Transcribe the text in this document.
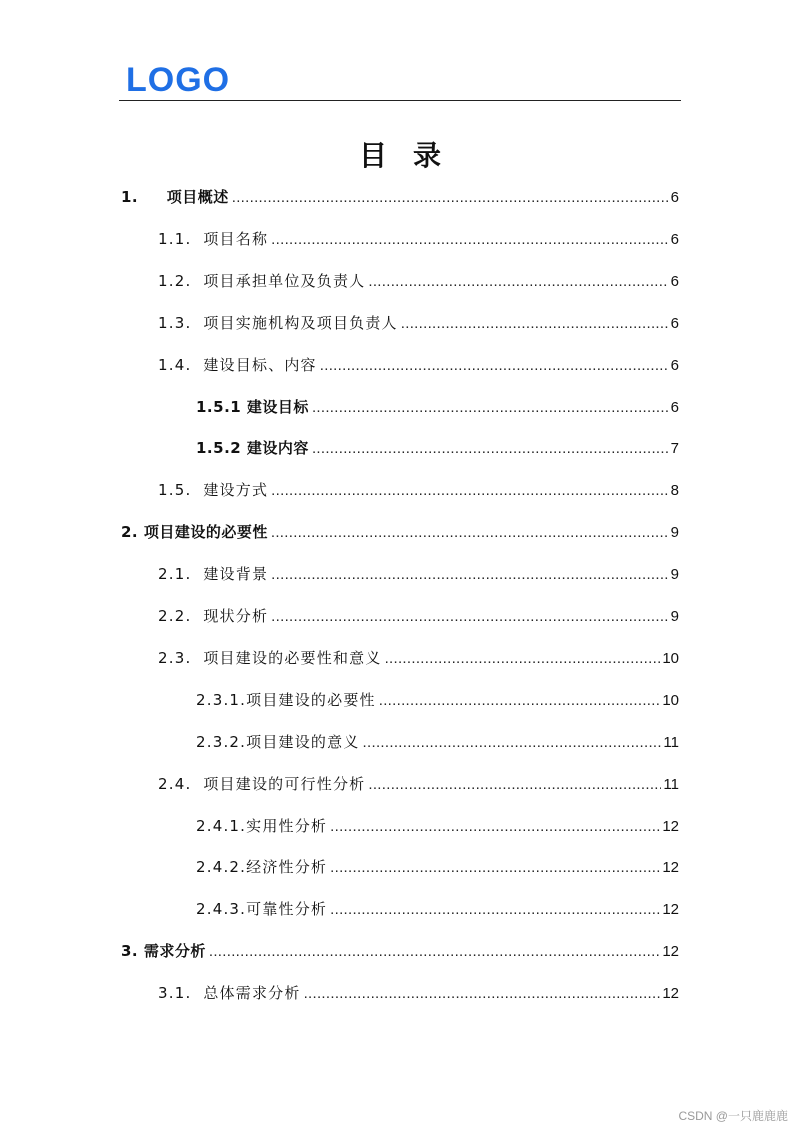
LOGO
目录
1.     项目概述 .....	6
1.1.  项目名称 .....	6
1.2.  项目承担单位及负责人 .....	6
1.3.  项目实施机构及项目负责人 .....	6
1.4.  建设目标、内容 .....	6
1.5.1 建设目标 .....	6
1.5.2 建设内容 .....	7
1.5.  建设方式 .....	8
2. 项目建设的必要性 .....	9
2.1.  建设背景 .....	9
2.2.  现状分析 .....	9
2.3.  项目建设的必要性和意义 .....	10
2.3.1.项目建设的必要性 .....	10
2.3.2.项目建设的意义 .....	11
2.4.  项目建设的可行性分析 .....	11
2.4.1.实用性分析 .....	12
2.4.2.经济性分析 .....	12
2.4.3.可靠性分析 .....	12
3. 需求分析 .....	12
3.1.  总体需求分析 .....	12
CSDN @一只鹿鹿鹿
